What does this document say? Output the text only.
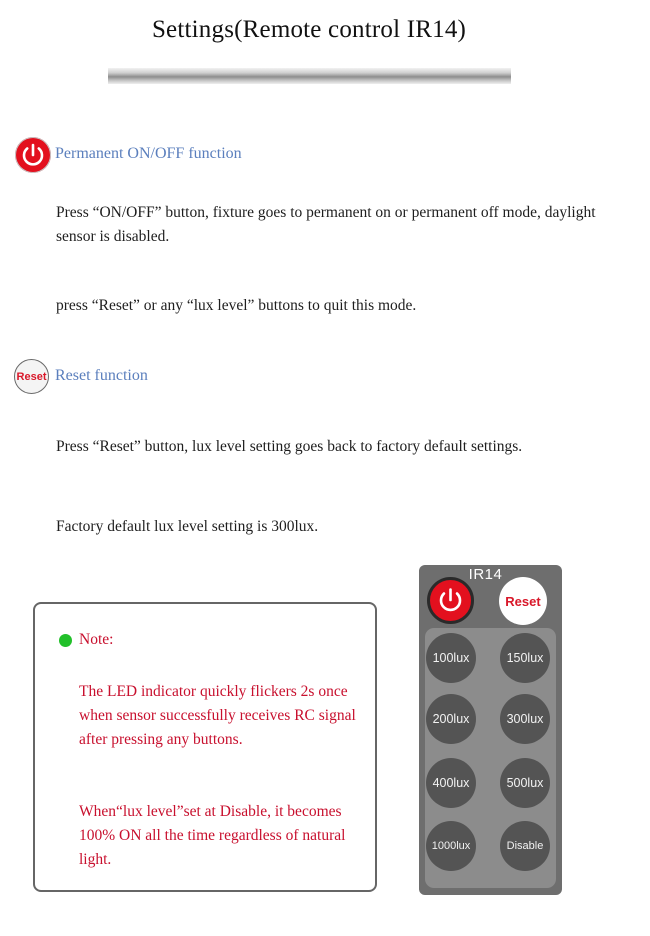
Settings(Remote control IR14)
Permanent ON/OFF function
Press “ON/OFF” button, fixture goes to permanent on or permanent off mode, daylight sensor is disabled.
press “Reset” or any “lux level” buttons to quit this mode.
Reset Reset function
Press “Reset” button, lux level setting goes back to factory default settings.
Factory default lux level setting is 300lux.
Note:
The LED indicator quickly flickers 2s once when sensor successfully receives RC signal after pressing any buttons.
When“lux level”set at Disable, it becomes 100% ON all the time regardless of natural light.
IR14
Reset
100lux	150lux
200lux	300lux
400lux	500lux
1000lux	Disable
